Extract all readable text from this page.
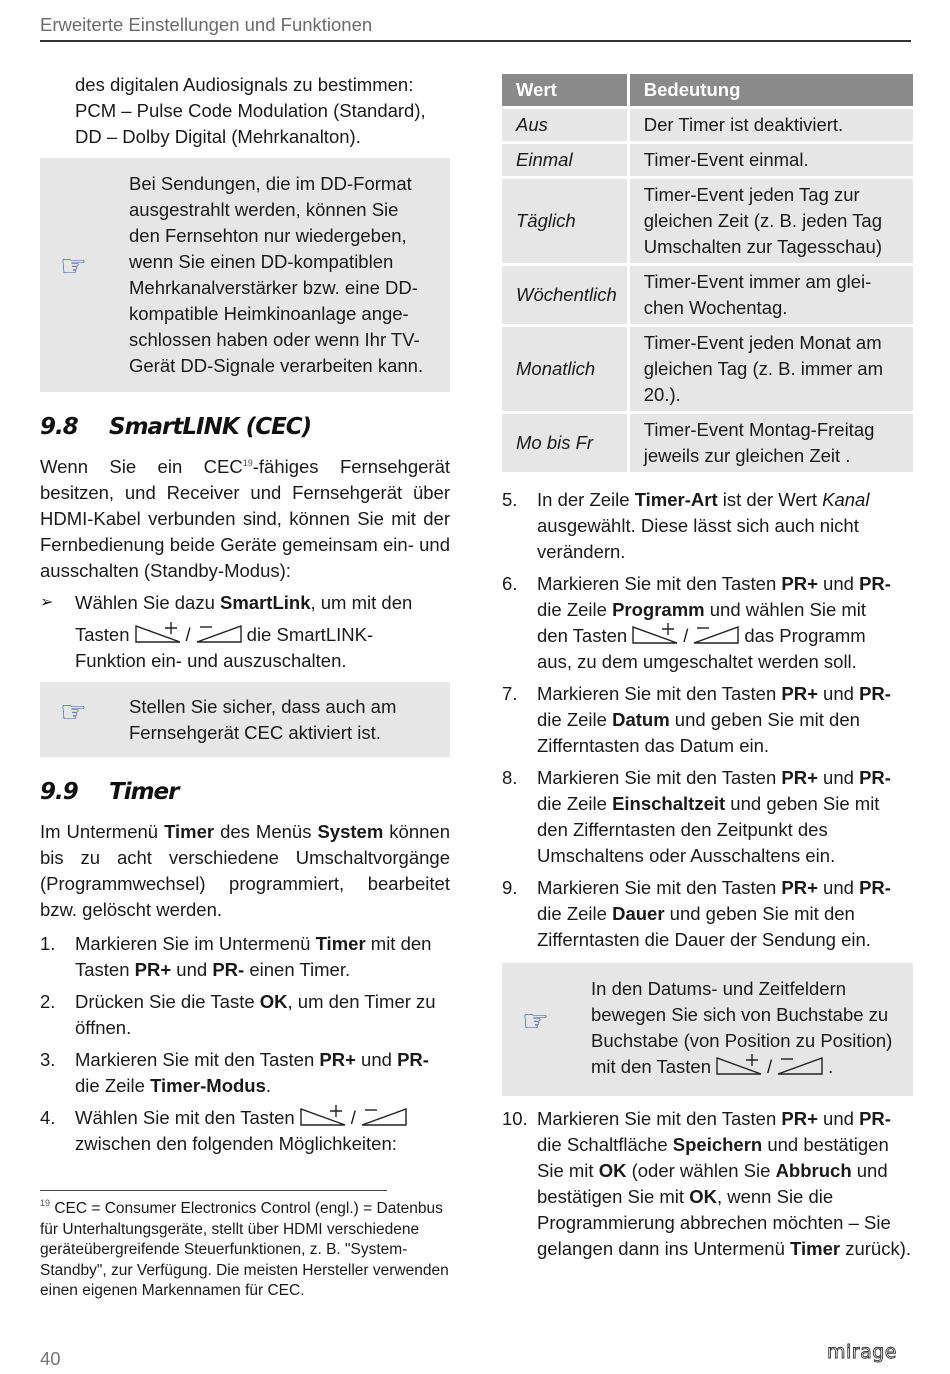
Erweiterte Einstellungen und Funktionen

des digitalen Audiosignals zu bestimmen:

PCM – Pulse Code Modulation (Standard),

DD – Dolby Digital (Mehrkanalton).

☞

Bei Sendungen, die im DD-Format

ausgestrahlt werden, können Sie

den Fernsehton nur wiedergeben,

wenn Sie einen DD-kompatiblen

Mehrkanalverstärker bzw. eine DD-

kompatible Heimkinoanlage ange-

schlossen haben oder wenn Ihr TV-

Gerät DD-Signale verarbeiten kann.

9.8 SmartLINK (CEC)

Wenn Sie ein CEC$^{19}$-fähiges Fernsehgerät besitzen, und Receiver und Fernsehgerät über HDMI-Kabel verbunden sind, können Sie mit der Fernbedienung beide Geräte gemeinsam ein- und ausschalten (Standby-Modus):

➢ Wählen Sie dazu SmartLink, um mit den

Tasten	/	die SmartLINK-

Funktion ein- und auszuschalten.

☞ Stellen Sie sicher, dass auch am

Fernsehgerät CEC aktiviert ist.

9.9 Timer

Im Untermenü Timer des Menüs System können bis zu acht verschiedene Umschaltvorgänge (Programmwechsel) programmiert, bearbeitet bzw. gelöscht werden.

1. Markieren Sie im Untermenü Timer mit den Tasten PR+ und PR- einen Timer.
2. Drücken Sie die Taste OK, um den Timer zu öffnen.
3. Markieren Sie mit den Tasten PR+ und PR- die Zeile Timer-Modus.
4. Wählen Sie mit den Tasten	/
zwischen den folgenden Möglichkeiten:
$^{19}$ CEC = Consumer Electronics Control (engl.) = Datenbus für Unterhaltungsgeräte, stellt über HDMI verschiedene geräteübergreifende Steuerfunktionen, z. B. "System-Standby", zur Verfügung. Die meisten Hersteller verwenden einen eigenen Markennamen für CEC.
Wert	Bedeutung
Aus	Der Timer ist deaktiviert.
Einmal	Timer-Event einmal.
Täglich	Timer-Event jeden Tag zur gleichen Zeit (z. B. jeden Tag Umschalten zur Tagesschau)
Wöchentlich	Timer-Event immer am glei-chen Wochentag.
Monatlich	Timer-Event jeden Monat am gleichen Tag (z. B. immer am 20.).
Mo bis Fr	Timer-Event Montag-Freitag jeweils zur gleichen Zeit .
5. In der Zeile Timer-Art ist der Wert Kanal ausgewählt. Diese lässt sich auch nicht verändern.
6. Markieren Sie mit den Tasten PR+ und PR- die Zeile Programm und wählen Sie mit
den Tasten	/	das Programm
aus, zu dem umgeschaltet werden soll.
7. Markieren Sie mit den Tasten PR+ und PR- die Zeile Datum und geben Sie mit den Zifferntasten das Datum ein.
8. Markieren Sie mit den Tasten PR+ und PR- die Zeile Einschaltzeit und geben Sie mit den Zifferntasten den Zeitpunkt des Umschaltens oder Ausschaltens ein.
9. Markieren Sie mit den Tasten PR+ und PR- die Zeile Dauer und geben Sie mit den Zifferntasten die Dauer der Sendung ein.
☞
In den Datums- und Zeitfeldern bewegen Sie sich von Buchstabe zu Buchstabe (von Position zu Position) mit den Tasten	/	.
10. Markieren Sie mit den Tasten PR+ und PR- die Schaltfläche Speichern und bestätigen Sie mit OK (oder wählen Sie Abbruch und bestätigen Sie mit OK, wenn Sie die Programmierung abbrechen möchten – Sie gelangen dann ins Untermenü Timer zurück).
40	mirage
